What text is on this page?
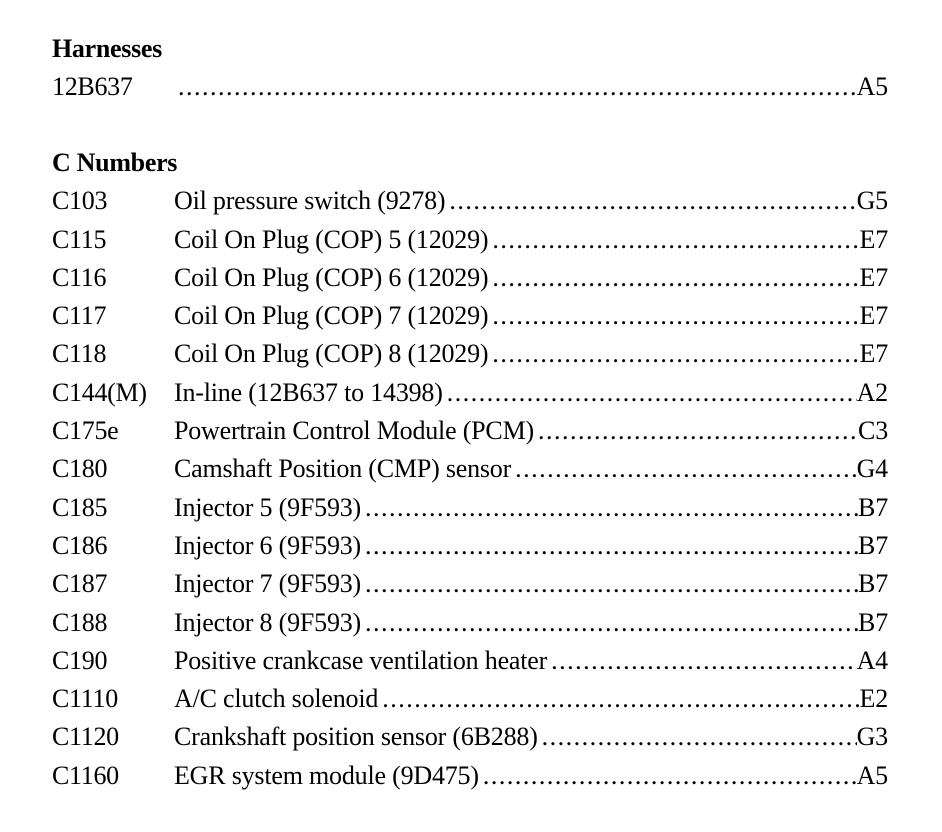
Harnesses
12B637 .....	A5
C Numbers
C103	Oil pressure switch (9278) .....	G5
C115	Coil On Plug (COP) 5 (12029) .....	E7
C116	Coil On Plug (COP) 6 (12029) .....	E7
C117	Coil On Plug (COP) 7 (12029) .....	E7
C118	Coil On Plug (COP) 8 (12029) .....	E7
C144(M)	In-line (12B637 to 14398) .....	A2
C175e	Powertrain Control Module (PCM) .....	C3
C180	Camshaft Position (CMP) sensor .....	G4
C185	Injector 5 (9F593) .....	B7
C186	Injector 6 (9F593) .....	B7
C187	Injector 7 (9F593) .....	B7
C188	Injector 8 (9F593) .....	B7
C190	Positive crankcase ventilation heater .....	A4
C1110	A/C clutch solenoid .....	E2
C1120	Crankshaft position sensor (6B288) .....	G3
C1160	EGR system module (9D475) .....	A5
